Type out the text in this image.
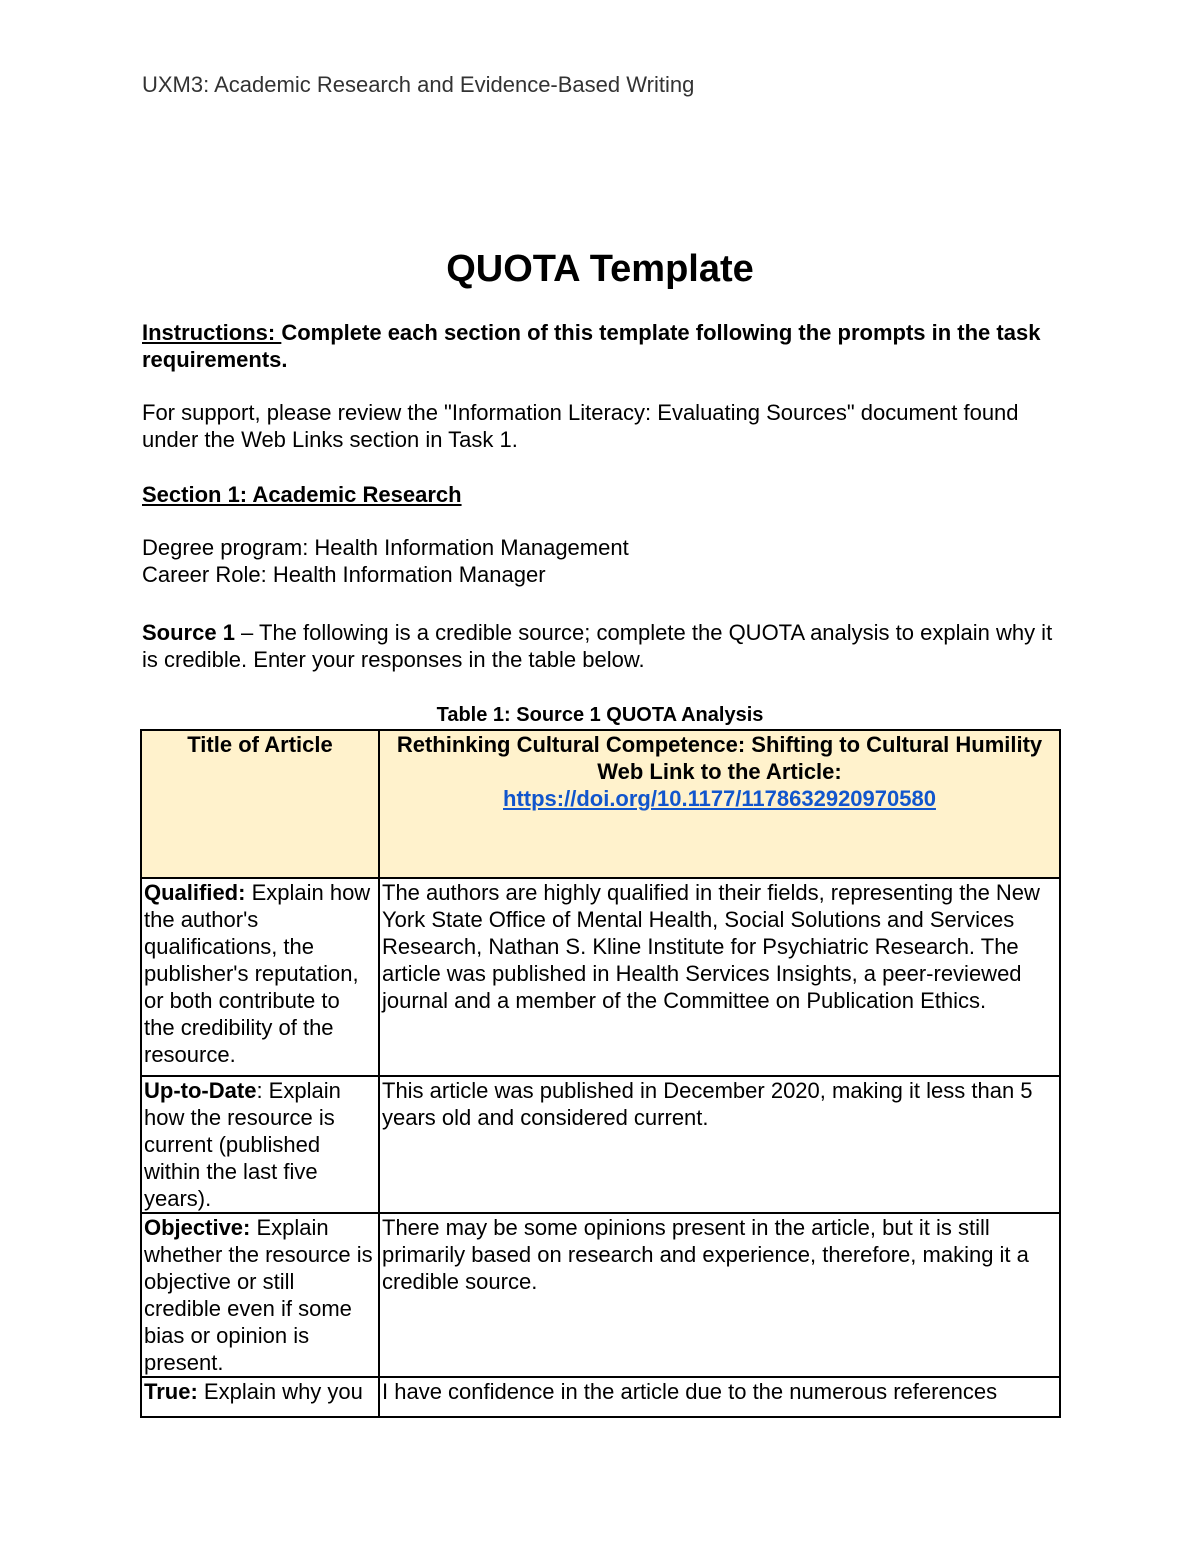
UXM3: Academic Research and Evidence-Based Writing
QUOTA Template
Instructions: Complete each section of this template following the prompts in the task requirements.
For support, please review the "Information Literacy: Evaluating Sources" document found under the Web Links section in Task 1.
Section 1: Academic Research
Degree program: Health Information Management
Career Role: Health Information Manager
Source 1 – The following is a credible source; complete the QUOTA analysis to explain why it is credible. Enter your responses in the table below.
Table 1: Source 1 QUOTA Analysis
Title of Article	Rethinking Cultural Competence: Shifting to Cultural Humility
Web Link to the Article:
https://doi.org/10.1177/1178632920970580
Qualified: Explain how the author's qualifications, the publisher's reputation, or both contribute to the credibility of the resource.	The authors are highly qualified in their fields, representing the New York State Office of Mental Health, Social Solutions and Services Research, Nathan S. Kline Institute for Psychiatric Research. The article was published in Health Services Insights, a peer-reviewed journal and a member of the Committee on Publication Ethics.
Up-to-Date: Explain how the resource is current (published within the last five years).	This article was published in December 2020, making it less than 5 years old and considered current.
Objective: Explain whether the resource is objective or still credible even if some bias or opinion is present.	There may be some opinions present in the article, but it is still primarily based on research and experience, therefore, making it a credible source.
True: Explain why you	I have confidence in the article due to the numerous references
